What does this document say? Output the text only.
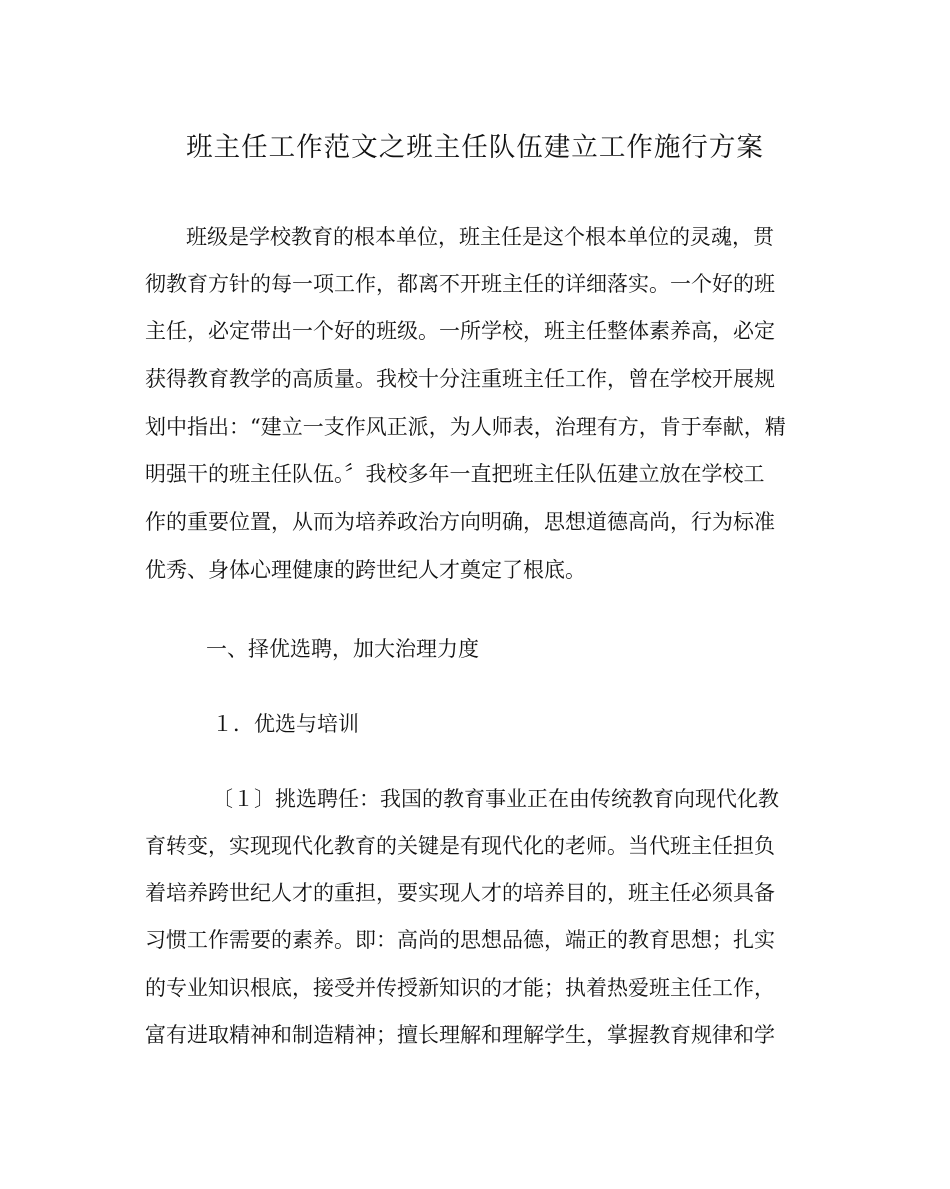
班主任工作范文之班主任队伍建立工作施行方案
班级是学校教育的根本单位，班主任是这个根本单位的灵魂，贯
彻教育方针的每一项工作，都离不开班主任的详细落实。一个好的班
主任，必定带出一个好的班级。一所学校，班主任整体素养高，必定
获得教育教学的高质量。我校十分注重班主任工作，曾在学校开展规
划中指出：“建立一支作风正派，为人师表，治理有方，肯于奉献，精
明强干的班主任队伍。〞我校多年一直把班主任队伍建立放在学校工
作的重要位置，从而为培养政治方向明确，思想道德高尚，行为标准
优秀、身体心理健康的跨世纪人才奠定了根底。
一、择优选聘，加大治理力度
１．优选与培训
〔１〕挑选聘任：我国的教育事业正在由传统教育向现代化教
育转变，实现现代化教育的关键是有现代化的老师。当代班主任担负
着培养跨世纪人才的重担，要实现人才的培养目的，班主任必须具备
习惯工作需要的素养。即：高尚的思想品德，端正的教育思想；扎实
的专业知识根底，接受并传授新知识的才能；执着热爱班主任工作，
富有进取精神和制造精神；擅长理解和理解学生，掌握教育规律和学
